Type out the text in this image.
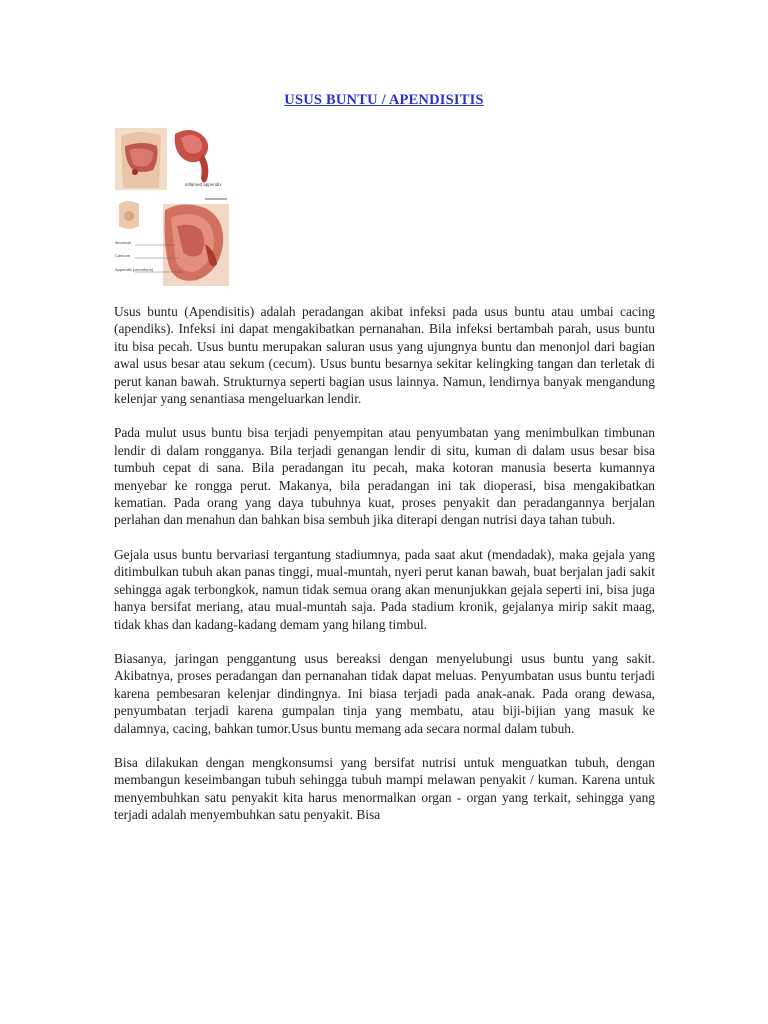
USUS BUNTU / APENDISITIS
inflamed appendix
Ileocecal
Caecum
Appendix (vermiform)

Usus buntu (Apendisitis) adalah peradangan akibat infeksi pada usus buntu atau umbai cacing (apendiks). Infeksi ini dapat mengakibatkan pernanahan. Bila infeksi bertambah parah, usus buntu itu bisa pecah. Usus buntu merupakan saluran usus yang ujungnya buntu dan menonjol dari bagian awal usus besar atau sekum (cecum). Usus buntu besarnya sekitar kelingking tangan dan terletak di perut kanan bawah. Strukturnya seperti bagian usus lainnya. Namun, lendirnya banyak mengandung kelenjar yang senantiasa mengeluarkan lendir.

Pada mulut usus buntu bisa terjadi penyempitan atau penyumbatan yang menimbulkan timbunan lendir di dalam rongganya. Bila terjadi genangan lendir di situ, kuman di dalam usus besar bisa tumbuh cepat di sana. Bila peradangan itu pecah, maka kotoran manusia beserta kumannya menyebar ke rongga perut. Makanya, bila peradangan ini tak dioperasi, bisa mengakibatkan kematian. Pada orang yang daya tubuhnya kuat, proses penyakit dan peradangannya berjalan perlahan dan menahun dan bahkan bisa sembuh jika diterapi dengan nutrisi daya tahan tubuh.

Gejala usus buntu bervariasi tergantung stadiumnya, pada saat akut (mendadak), maka gejala yang ditimbulkan tubuh akan panas tinggi, mual-muntah, nyeri perut kanan bawah, buat berjalan jadi sakit sehingga agak terbongkok, namun tidak semua orang akan menunjukkan gejala seperti ini, bisa juga hanya bersifat meriang, atau mual-muntah saja. Pada stadium kronik, gejalanya mirip sakit maag, tidak khas dan kadang-kadang demam yang hilang timbul.

Biasanya, jaringan penggantung usus bereaksi dengan menyelubungi usus buntu yang sakit. Akibatnya, proses peradangan dan pernanahan tidak dapat meluas. Penyumbatan usus buntu terjadi karena pembesaran kelenjar dindingnya. Ini biasa terjadi pada anak-anak. Pada orang dewasa, penyumbatan terjadi karena gumpalan tinja yang membatu, atau biji-bijian yang masuk ke dalamnya, cacing, bahkan tumor.Usus buntu memang ada secara normal dalam tubuh.

Bisa dilakukan dengan mengkonsumsi yang bersifat nutrisi untuk menguatkan tubuh, dengan membangun keseimbangan tubuh sehingga tubuh mampi melawan penyakit / kuman. Karena untuk menyembuhkan satu penyakit kita harus menormalkan organ - organ yang terkait, sehingga yang terjadi adalah menyembuhkan satu penyakit. Bisa
